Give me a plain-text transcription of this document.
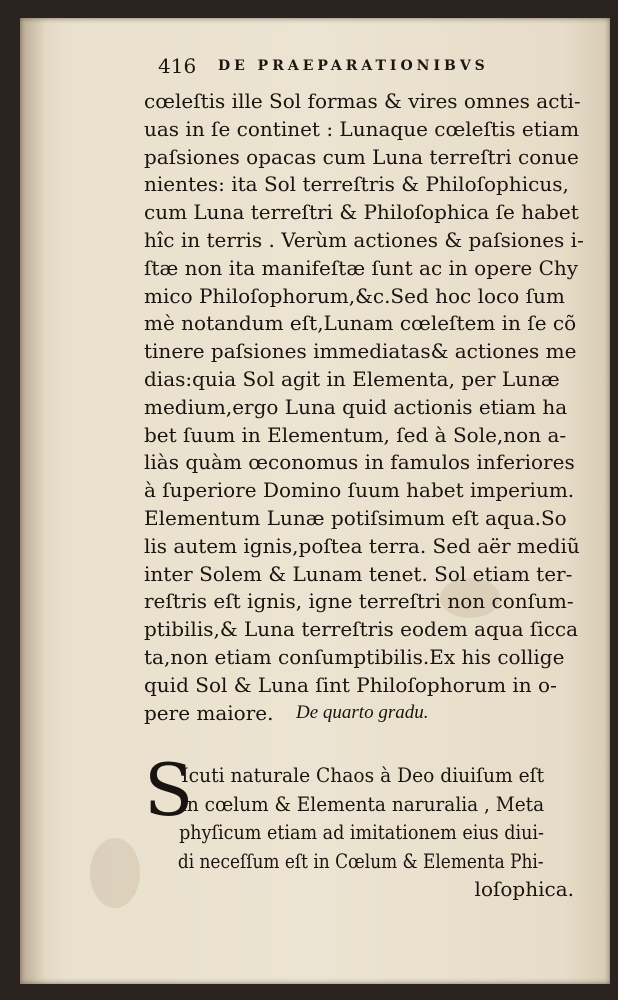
416 DE PRAEPARATIONIBVS
cœleſtis ille Sol formas & vires omnes acti-
uas in ſe continet : Lunaque cœleſtis etiam
paſsiones opacas cum Luna terreſtri conue
nientes: ita Sol terreſtris & Philoſophicus,
cum Luna terreſtri & Philoſophica ſe habet
hîc in terris . Verùm actiones & paſsiones i-
ſtæ non ita manifeſtæ ſunt ac in opere Chy
mico Philoſophorum,&c.Sed hoc loco ſum
mè notandum eſt,Lunam cœleſtem in ſe cõ
tinere paſsiones immediatas& actiones me
dias:quia Sol agit in Elementa, per Lunæ
medium,ergo Luna quid actionis etiam ha
bet ſuum in Elementum, ſed à Sole,non a-
liàs quàm œconomus in famulos inferiores
à ſuperiore Domino ſuum habet imperium.
Elementum Lunæ potiſsimum eſt aqua.So
lis autem ignis,poſtea terra. Sed aër mediũ
inter Solem & Lunam tenet. Sol etiam ter-
reſtris eſt ignis, igne terreſtri non conſum-
ptibilis,& Luna terreſtris eodem aqua ſicca
ta,non etiam conſumptibilis.Ex his collige
quid Sol & Luna ſint Philoſophorum in o-
pere maiore.	De quarto gradu.
S
Icuti naturale Chaos à Deo diuiſum eſt
in cœlum & Elementa naruralia , Meta
phyſicum etiam ad imitationem eius diui-
di neceſſum eſt in Cœlum & Elementa Phi-
loſophica.
